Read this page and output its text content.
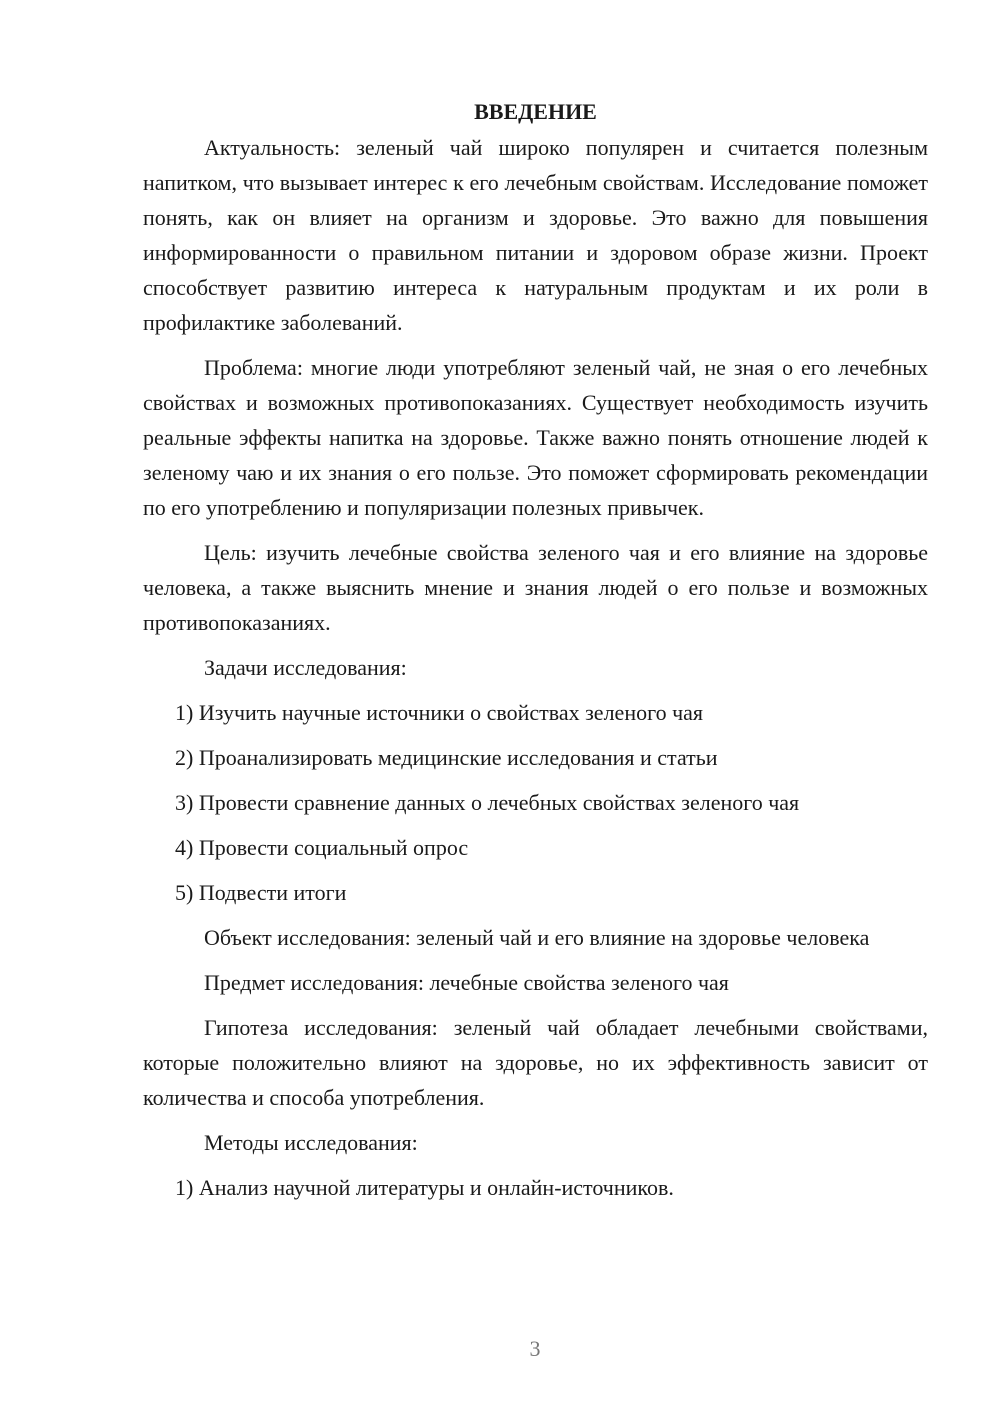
ВВЕДЕНИЕ

Актуальность: зеленый чай широко популярен и считается полезным напитком, что вызывает интерес к его лечебным свойствам. Исследование поможет понять, как он влияет на организм и здоровье. Это важно для повышения информированности о правильном питании и здоровом образе жизни. Проект способствует развитию интереса к натуральным продуктам и их роли в профилактике заболеваний.

Проблема: многие люди употребляют зеленый чай, не зная о его лечебных свойствах и возможных противопоказаниях. Существует необходимость изучить реальные эффекты напитка на здоровье. Также важно понять отношение людей к зеленому чаю и их знания о его пользе. Это поможет сформировать рекомендации по его употреблению и популяризации полезных привычек.

Цель: изучить лечебные свойства зеленого чая и его влияние на здоровье человека, а также выяснить мнение и знания людей о его пользе и возможных противопоказаниях.

Задачи исследования:

1) Изучить научные источники о свойствах зеленого чая

2) Проанализировать медицинские исследования и статьи

3) Провести сравнение данных о лечебных свойствах зеленого чая

4) Провести социальный опрос

5) Подвести итоги

Объект исследования: зеленый чай и его влияние на здоровье человека

Предмет исследования: лечебные свойства зеленого чая

Гипотеза исследования: зеленый чай обладает лечебными свойствами, которые положительно влияют на здоровье, но их эффективность зависит от количества и способа употребления.

Методы исследования:

1) Анализ научной литературы и онлайн-источников.

3
